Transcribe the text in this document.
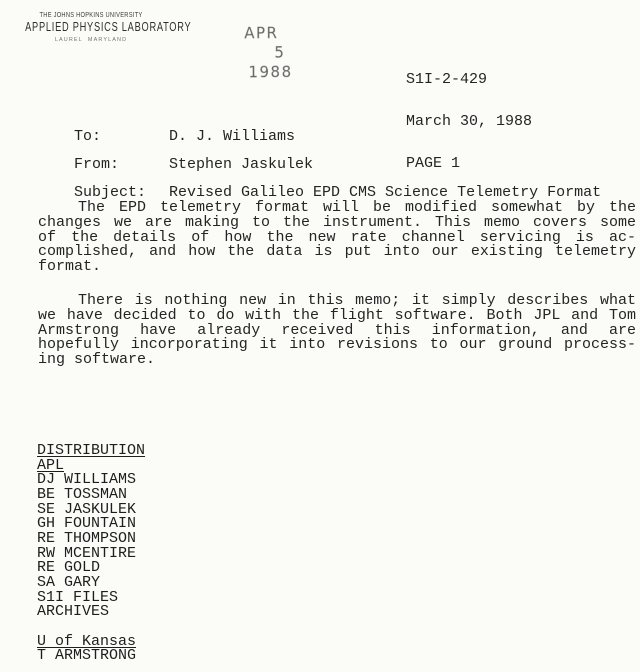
THE JOHNS HOPKINS UNIVERSITY
APPLIED PHYSICS LABORATORY
LAUREL  MARYLAND	APR
5
1988

	S1I-2-429

March 30, 1988

PAGE 1

To:	D. J. Williams

From:	Stephen Jaskulek

Subject: Revised Galileo EPD CMS Science Telemetry Format

The EPD telemetry format will be modified somewhat by the
changes we are making to the instrument. This memo covers some
of the details of how the new rate channel servicing is ac-
complished, and how the data is put into our existing telemetry
format.
There is nothing new in this memo; it simply describes what
we have decided to do with the flight software. Both JPL and Tom
Armstrong have already received this information, and are
hopefully incorporating it into revisions to our ground process-
ing software.
DISTRIBUTION
APL
DJ WILLIAMS
BE TOSSMAN
SE JASKULEK
GH FOUNTAIN
RE THOMPSON
RW MCENTIRE
RE GOLD
SA GARY
S1I FILES
ARCHIVES
U of Kansas
T ARMSTRONG
